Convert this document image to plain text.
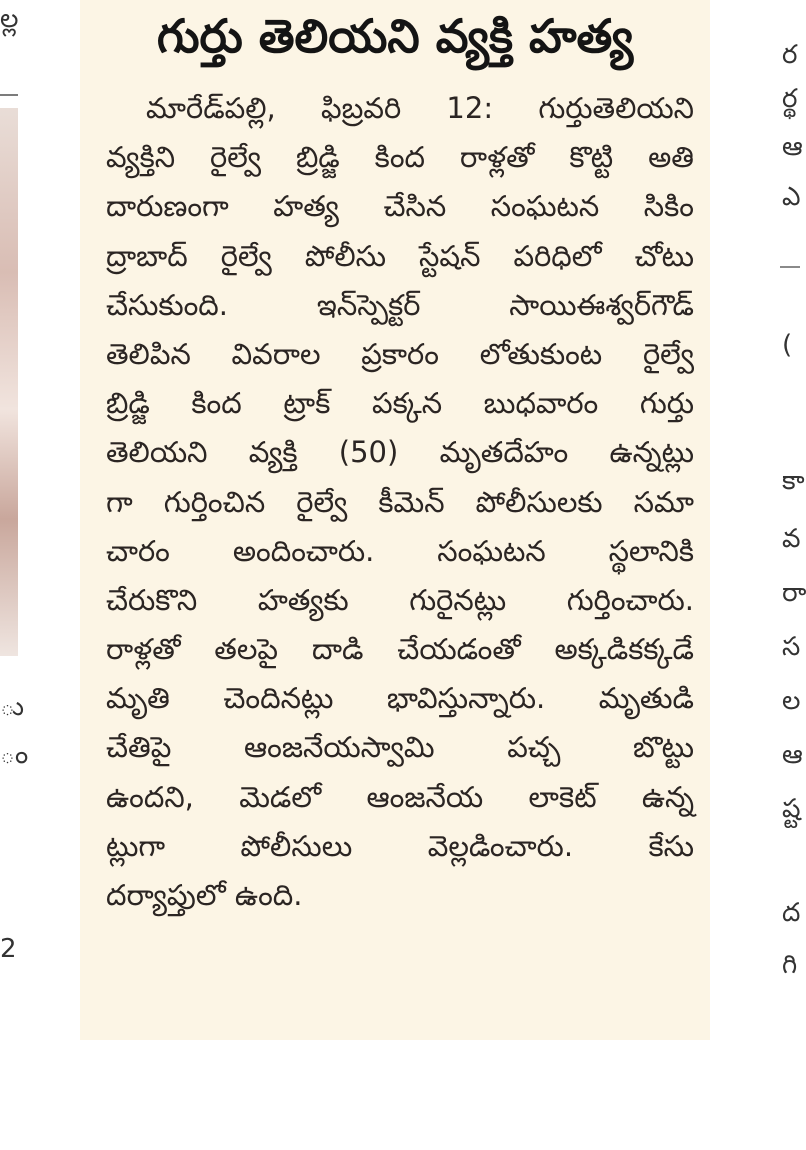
ల్ల
ు
ం
2
గుర్తు తెలియని వ్యక్తి హత్య
మారేడ్‌పల్లి, ఫిబ్రవరి 12: గుర్తుతెలియని
వ్యక్తిని రైల్వే బ్రిడ్జి కింద రాళ్లతో కొట్టి అతి
దారుణంగా హత్య చేసిన సంఘటన సికిం
ద్రాబాద్ రైల్వే పోలీసు స్టేషన్ పరిధిలో చోటు
చేసుకుంది. ఇన్‌స్పెక్టర్ సాయిఈశ్వర్‌గౌడ్
తెలిపిన వివరాల ప్రకారం లోతుకుంట రైల్వే
బ్రిడ్జి కింద ట్రాక్ పక్కన బుధవారం గుర్తు
తెలియని వ్యక్తి (50) మృతదేహం ఉన్నట్లు
గా గుర్తించిన రైల్వే కీమెన్ పోలీసులకు సమా
చారం అందించారు. సంఘటన స్థలానికి
చేరుకొని హత్యకు గురైనట్లు గుర్తించారు.
రాళ్లతో తలపై దాడి చేయడంతో అక్కడికక్కడే
మృతి చెందినట్లు భావిస్తున్నారు. మృతుడి
చేతిపై ఆంజనేయస్వామి పచ్చ బొట్టు
ఉందని, మెడలో ఆంజనేయ లాకెట్ ఉన్న
ట్లుగా పోలీసులు వెల్లడించారు. కేసు
దర్యాప్తులో ఉంది.
ర
ర్థ
ఆ
ఎ
(
కా
వ
రా
స
ల
ఆ
ష్ట
ద
గి
